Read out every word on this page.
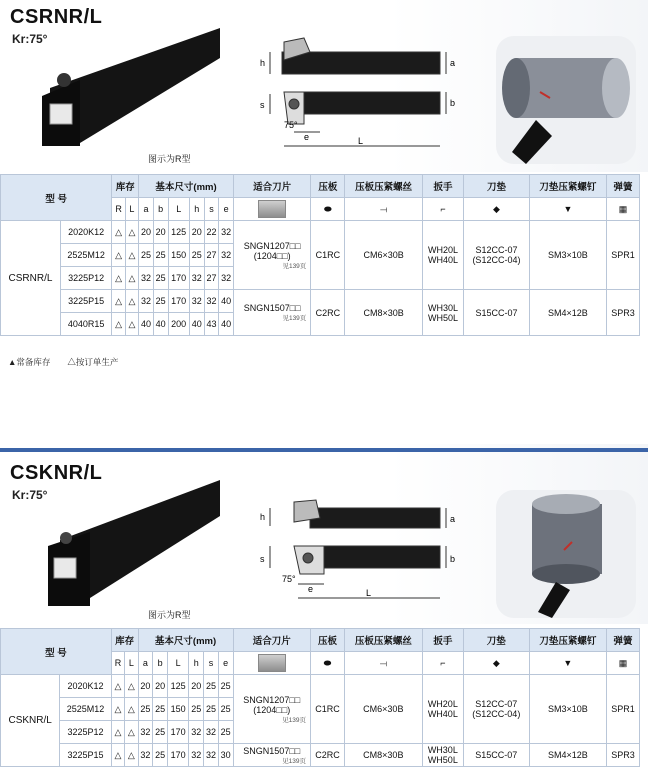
CSRNR/L
Kr:75°
h
s
a
b
L
e
75°
图示为R型
型 号		库存		基本尺寸(mm)						适合刀片	压板	压板压紧螺丝	扳手	刀垫	刀垫压紧螺钉	弹簧
		R	L	a	b	L	h	s	e		⬬	⟞	⌐	◆	▼	▦

CSRNR/L	2020K12	△	△	20	20	125	20	22	32	SNGN1207□□
(1204□□)
见139页	C1RC	CM6×30B	WH20L
WH40L	S12CC-07
(S12CC-04)	SM3×10B	SPR1
	2525M12	△	△	25	25	150	25	27	32							
	3225P12	△	△	32	25	170	32	27	32							
	3225P15	△	△	32	25	170	32	32	40	SNGN1507□□
见139页	C2RC	CM8×30B	WH30L
WH50L	S15CC-07	SM4×12B	SPR3
	4040R15	△	△	40	40	200	40	43	40							
▲常备库存　　△按订单生产
CSKNR/L
Kr:75°
h
s
a
b
L
e
75°
图示为R型
型 号		库存		基本尺寸(mm)						适合刀片	压板	压板压紧螺丝	扳手	刀垫	刀垫压紧螺钉	弹簧
		R	L	a	b	L	h	s	e		⬬	⟞	⌐	◆	▼	▦

CSKNR/L	2020K12	△	△	20	20	125	20	25	25	SNGN1207□□
(1204□□)
见139页	C1RC	CM6×30B	WH20L
WH40L	S12CC-07
(S12CC-04)	SM3×10B	SPR1
	2525M12	△	△	25	25	150	25	25	25							
	3225P12	△	△	32	25	170	32	32	25							
	3225P15	△	△	32	25	170	32	32	30	SNGN1507□□
见139页	C2RC	CM8×30B	WH30L
WH50L	S15CC-07	SM4×12B	SPR3
